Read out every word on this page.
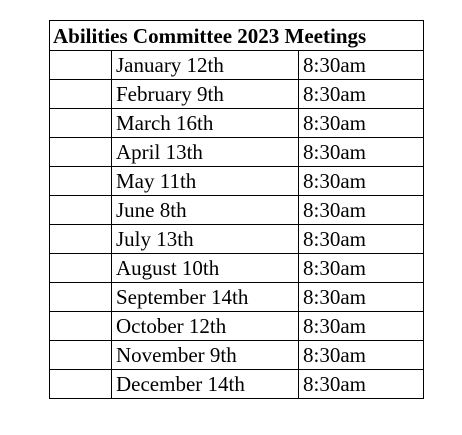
Abilities Committee 2023 Meetings		
	January 12th	8:30am
	February 9th	8:30am
	March 16th	8:30am
	April 13th	8:30am
	May 11th	8:30am
	June 8th	8:30am
	July 13th	8:30am
	August 10th	8:30am
	September 14th	8:30am
	October 12th	8:30am
	November 9th	8:30am
	December 14th	8:30am
